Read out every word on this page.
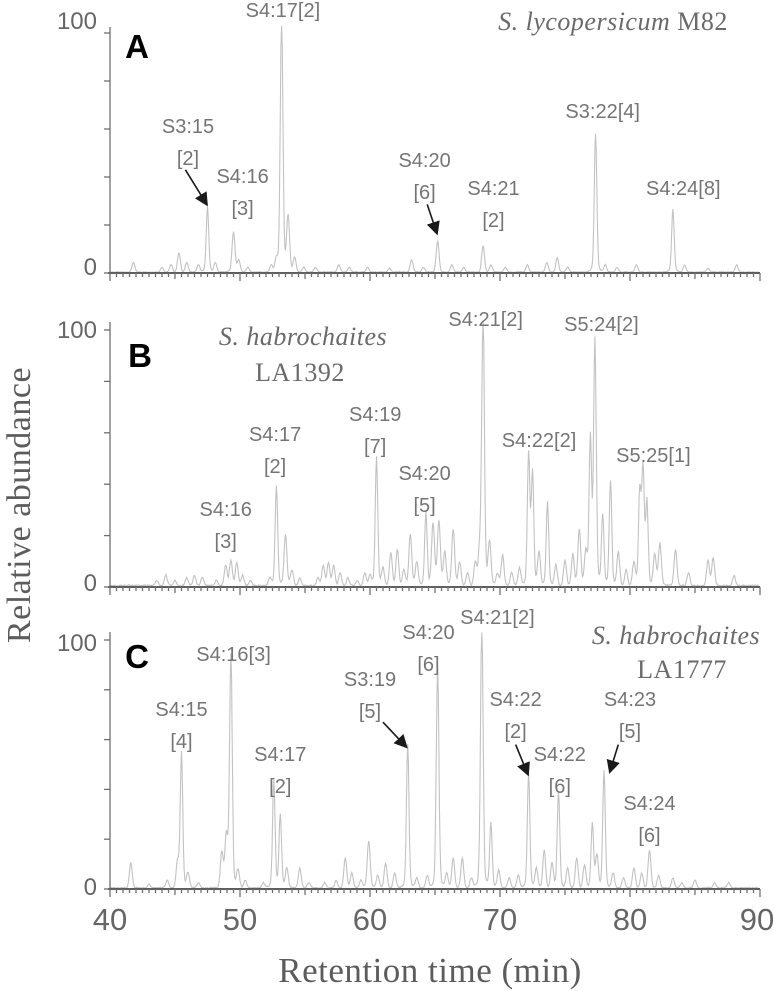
Retention time (min)
Relative abundance
A
S. lycopersicum M82
S4:17[2]
S3:15
[2]
S4:16
[3]
S4:20
[6]	S4:21
[2]
S3:22[4]
S4:24[8]
100
0
B
S. habrochaites
LA1392
S4:16
[3]
S4:17
[2]
S4:19
[7]
S4:20
[5]
S4:21[2]
S4:22[2]
S5:24[2]
S5:25[1]
100
0
C
S. habrochaites
LA1777
S4:15
[4]
S4:16[3]
S4:17
[2]
S3:19
[5]
S4:20
[6]
S4:21[2]
S4:22
[2]
S4:22
[6]
S4:23
[5]
S4:24
[6]
100
0
40	50	60	70	80	90
